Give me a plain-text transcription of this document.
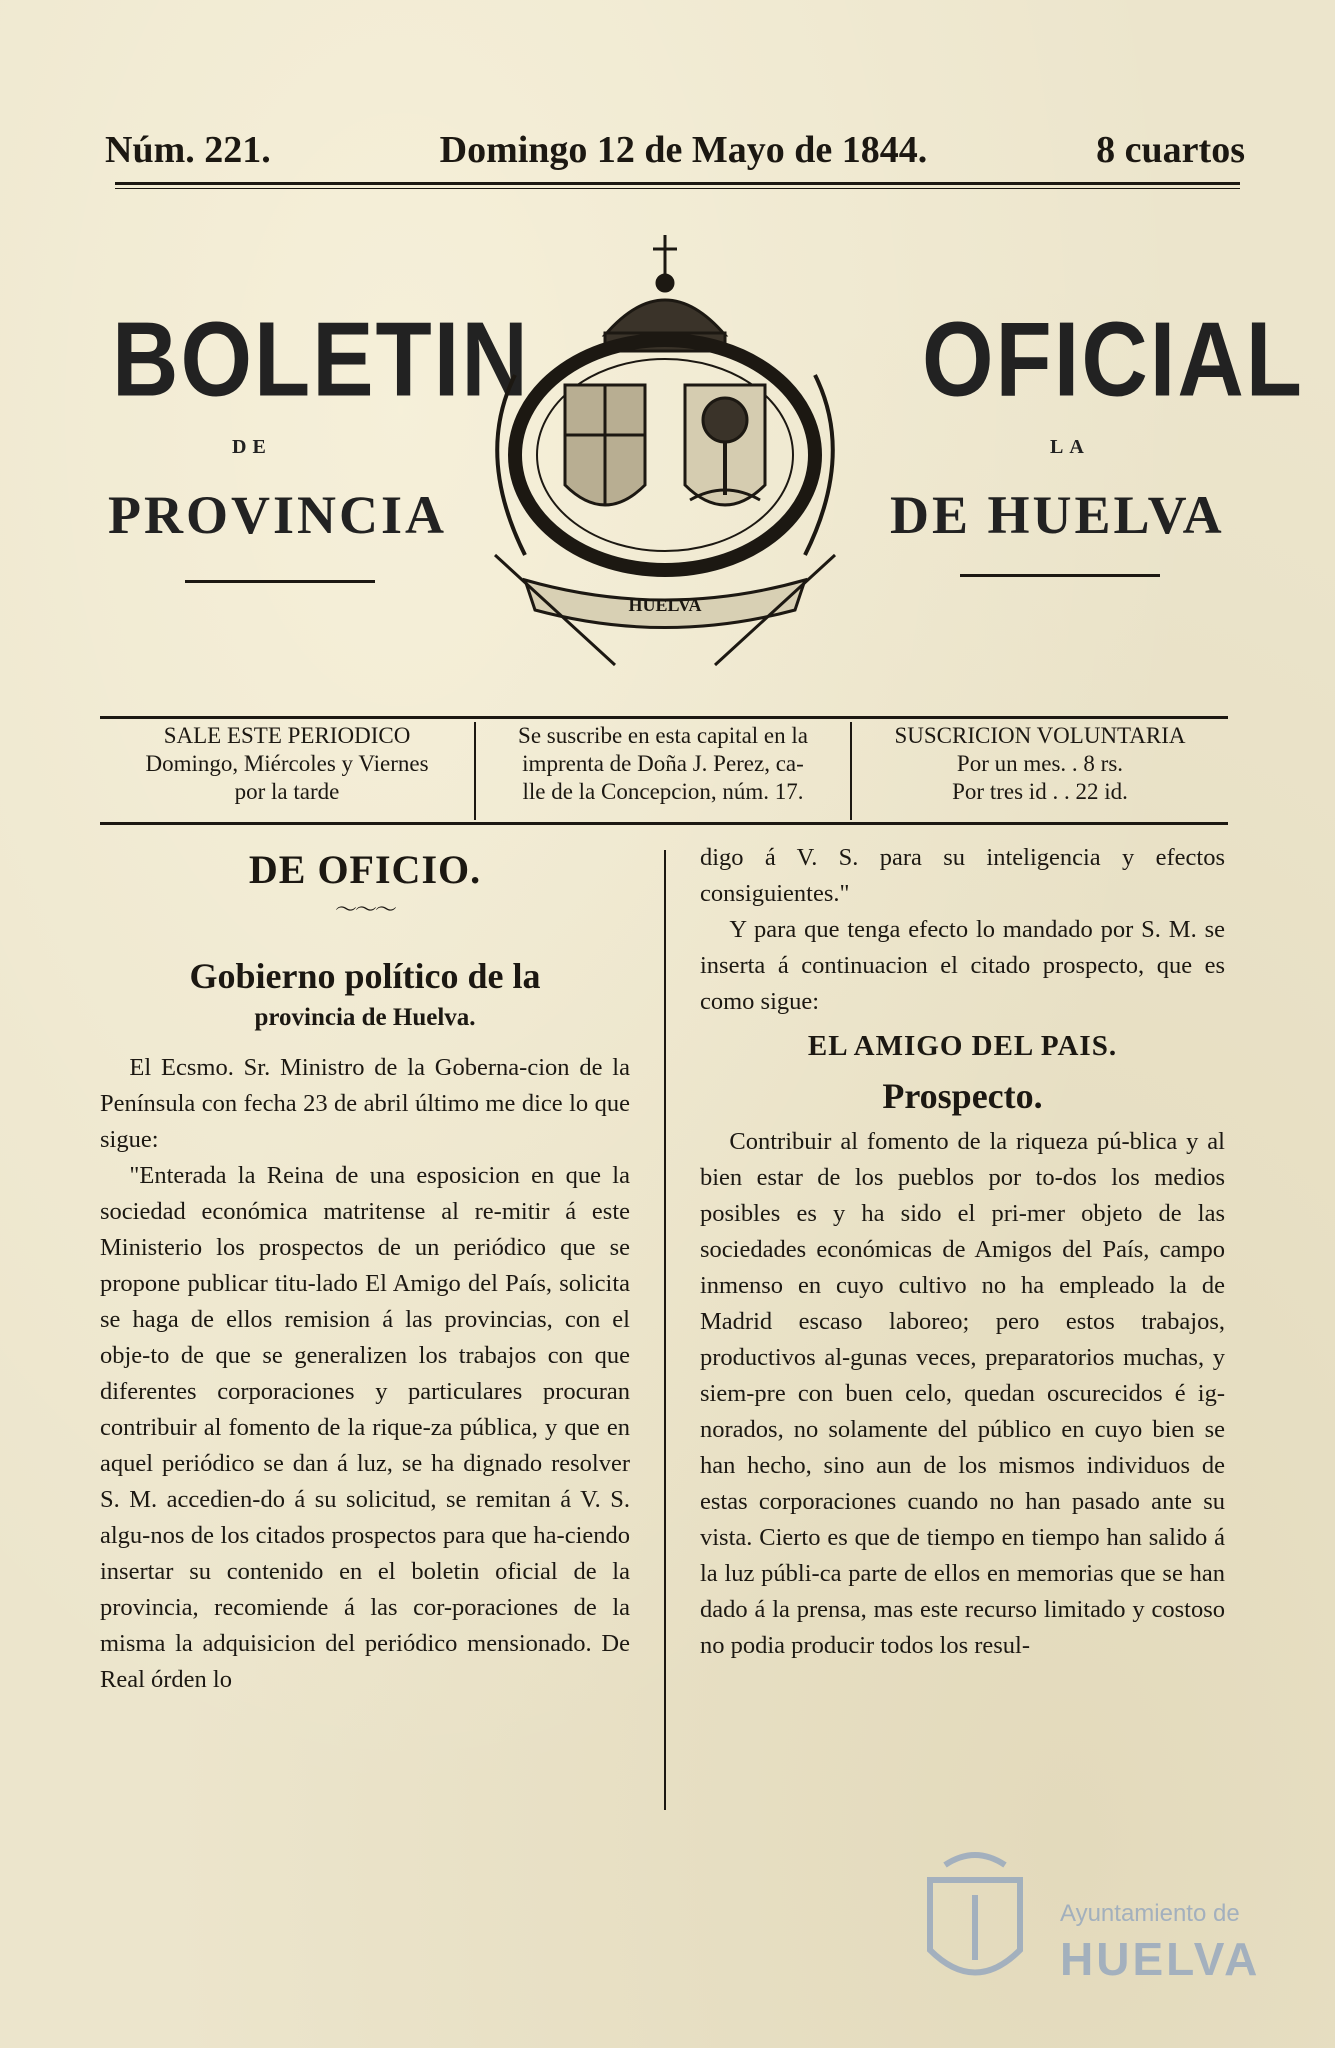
Núm. 221.	Domingo 12 de Mayo de 1844.	8 cuartos
BOLETIN	OFICIAL
DE	LA
PROVINCIA	DE HUELVA
HUELVA
SALE ESTE PERIODICO
Domingo, Miércoles y Viernes
por la tarde
Se suscribe en esta capital en la
imprenta de Doña J. Perez, ca-
lle de la Concepcion, núm. 17.
SUSCRICION VOLUNTARIA
Por un mes. . 8 rs.
Por tres id . . 22 id.
DE OFICIO.
～～～
Gobierno político de la
provincia de Huelva.

El Ecsmo. Sr. Ministro de la Goberna-cion de la Península con fecha 23 de abril último me dice lo que sigue:

"Enterada la Reina de una esposicion en que la sociedad económica matritense al re-mitir á este Ministerio los prospectos de un periódico que se propone publicar titu-lado El Amigo del País, solicita se haga de ellos remision á las provincias, con el obje-to de que se generalizen los trabajos con que diferentes corporaciones y particulares procuran contribuir al fomento de la rique-za pública, y que en aquel periódico se dan á luz, se ha dignado resolver S. M. accedien-do á su solicitud, se remitan á V. S. algu-nos de los citados prospectos para que ha-ciendo insertar su contenido en el boletin oficial de la provincia, recomiende á las cor-poraciones de la misma la adquisicion del periódico mensionado. De Real órden lo

digo á V. S. para su inteligencia y efectos consiguientes."

Y para que tenga efecto lo mandado por S. M. se inserta á continuacion el citado prospecto, que es como sigue:

EL AMIGO DEL PAIS.
Prospecto.

Contribuir al fomento de la riqueza pú-blica y al bien estar de los pueblos por to-dos los medios posibles es y ha sido el pri-mer objeto de las sociedades económicas de Amigos del País, campo inmenso en cuyo cultivo no ha empleado la de Madrid escaso laboreo; pero estos trabajos, productivos al-gunas veces, preparatorios muchas, y siem-pre con buen celo, quedan oscurecidos é ig-norados, no solamente del público en cuyo bien se han hecho, sino aun de los mismos individuos de estas corporaciones cuando no han pasado ante su vista. Cierto es que de tiempo en tiempo han salido á la luz públi-ca parte de ellos en memorias que se han dado á la prensa, mas este recurso limitado y costoso no podia producir todos los resul-

Ayuntamiento de
HUELVA
